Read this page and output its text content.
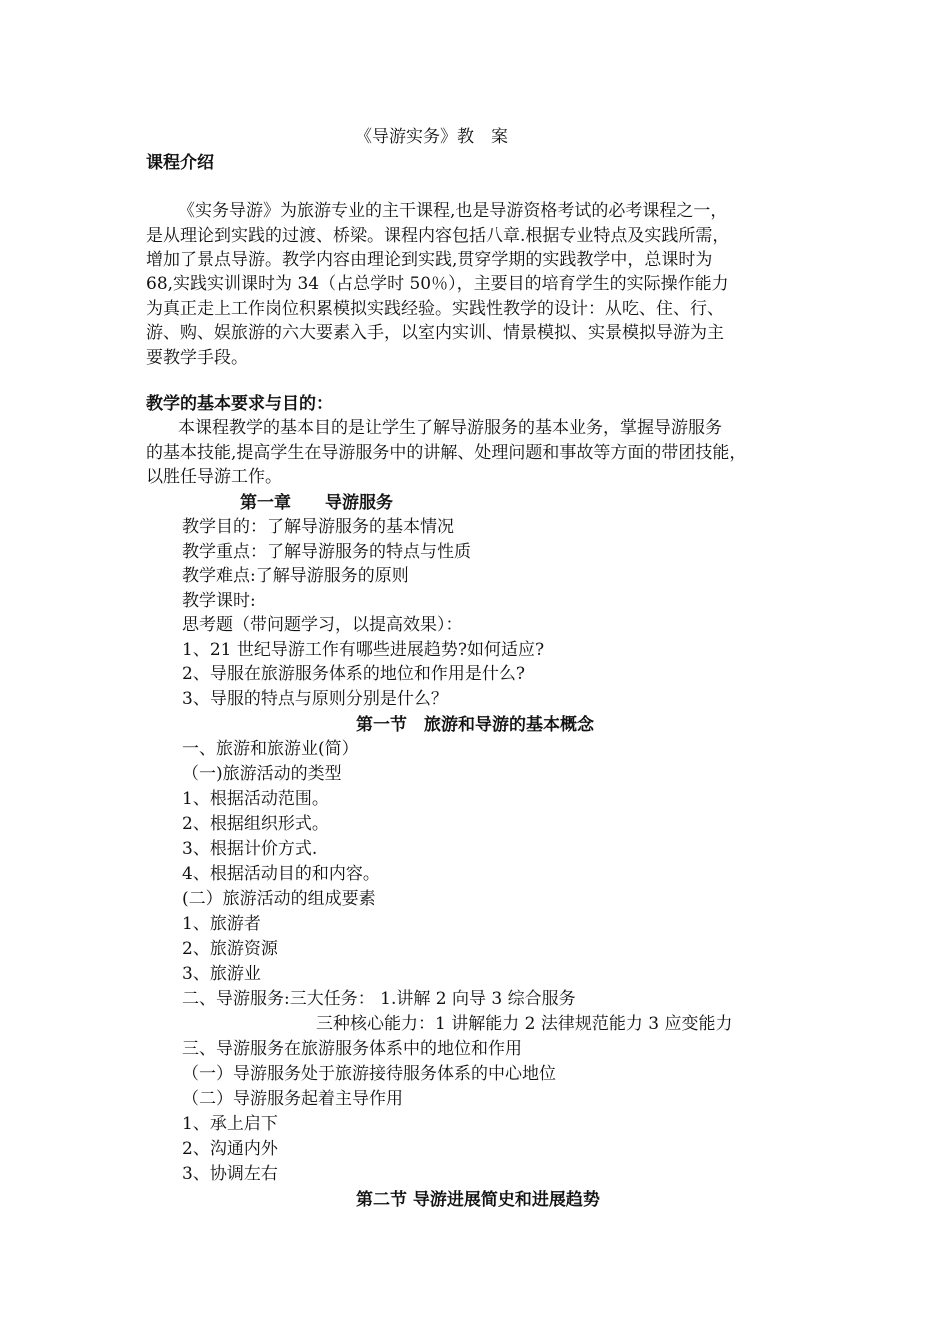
《导游实务》教　案
课程介绍
《实务导游》为旅游专业的主干课程,也是导游资格考试的必考课程之一，
是从理论到实践的过渡、桥梁。课程内容包括八章.根据专业特点及实践所需，
增加了景点导游。教学内容由理论到实践,贯穿学期的实践教学中，总课时为
68,实践实训课时为 34（占总学时 50％），主要目的培育学生的实际操作能力
为真正走上工作岗位积累模拟实践经验。实践性教学的设计：从吃、住、行、
游、购、娱旅游的六大要素入手，以室内实训、情景模拟、实景模拟导游为主
要教学手段。
教学的基本要求与目的：
本课程教学的基本目的是让学生了解导游服务的基本业务，掌握导游服务
的基本技能,提高学生在导游服务中的讲解、处理问题和事故等方面的带团技能，
以胜任导游工作。
第一章　　导游服务
教学目的：了解导游服务的基本情况
教学重点：了解导游服务的特点与性质
教学难点:了解导游服务的原则
教学课时:
思考题（带问题学习，以提高效果）：
1、21 世纪导游工作有哪些进展趋势?如何适应?
2、导服在旅游服务体系的地位和作用是什么?
3、导服的特点与原则分别是什么？
第一节　旅游和导游的基本概念
一、旅游和旅游业(简）
（一)旅游活动的类型
1、根据活动范围。
2、根据组织形式。
3、根据计价方式.
4、根据活动目的和内容。
(二）旅游活动的组成要素
1、旅游者
2、旅游资源
3、旅游业
二、导游服务:三大任务： 1.讲解 2 向导 3 综合服务
三种核心能力：1 讲解能力 2 法律规范能力 3 应变能力
三、导游服务在旅游服务体系中的地位和作用
（一）导游服务处于旅游接待服务体系的中心地位
（二）导游服务起着主导作用
1、承上启下
2、沟通内外
3、协调左右
第二节 导游进展简史和进展趋势
